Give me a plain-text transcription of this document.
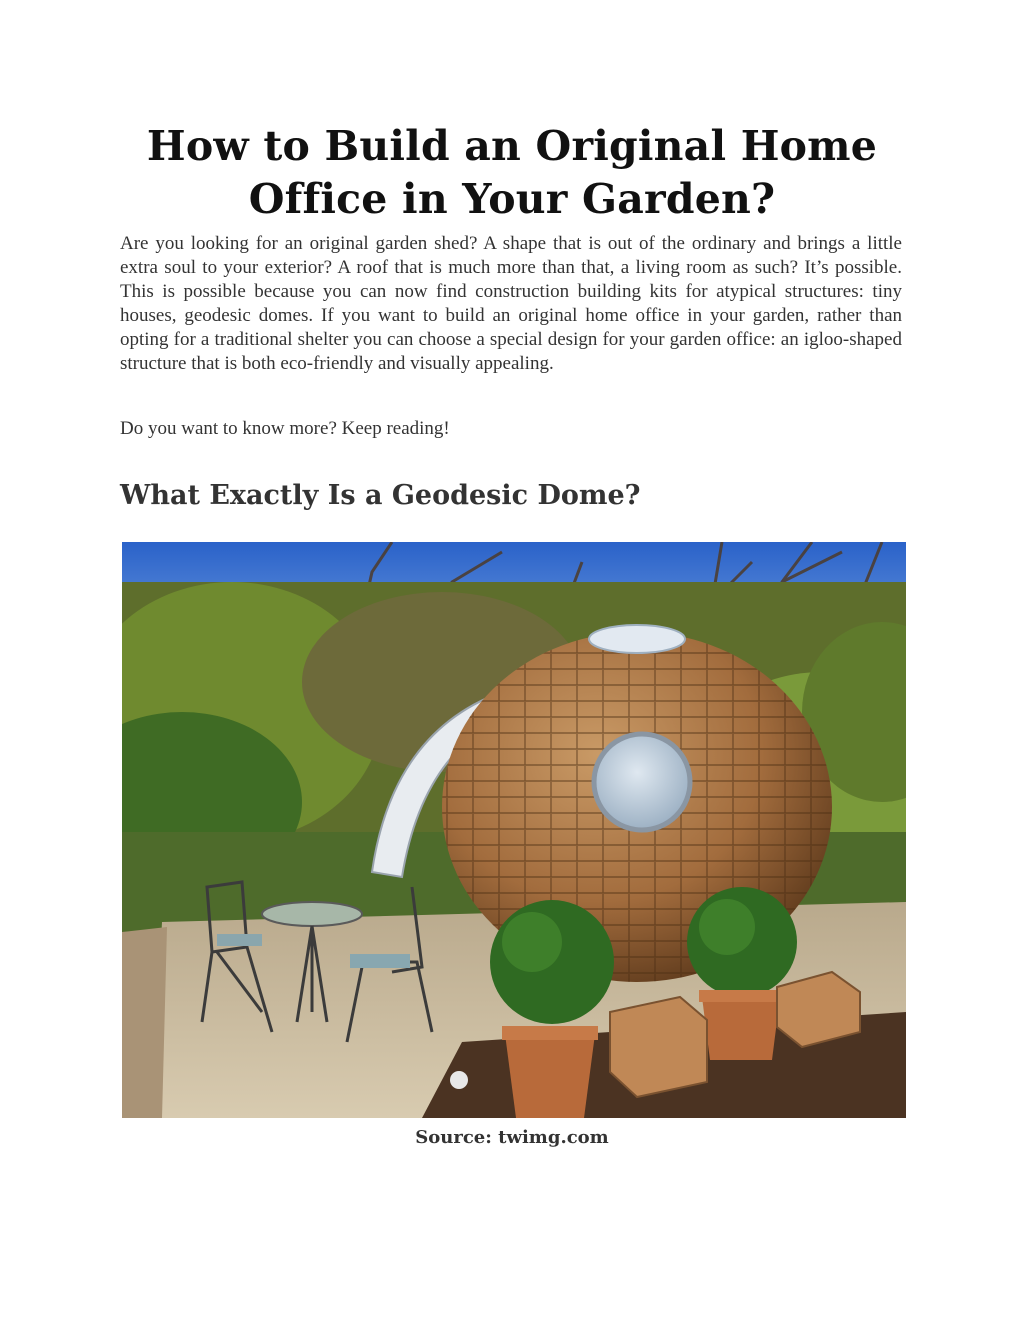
How to Build an Original Home Office in Your Garden?

Are you looking for an original garden shed? A shape that is out of the ordinary and brings a little extra soul to your exterior? A roof that is much more than that, a living room as such? It’s possible. This is possible because you can now find construction building kits for atypical structures: tiny houses, geodesic domes. If you want to build an original home office in your garden, rather than opting for a traditional shelter you can choose a special design for your garden office: an igloo-shaped structure that is both eco-friendly and visually appealing.

Do you want to know more? Keep reading!

What Exactly Is a Geodesic Dome?

Source: twimg.com
